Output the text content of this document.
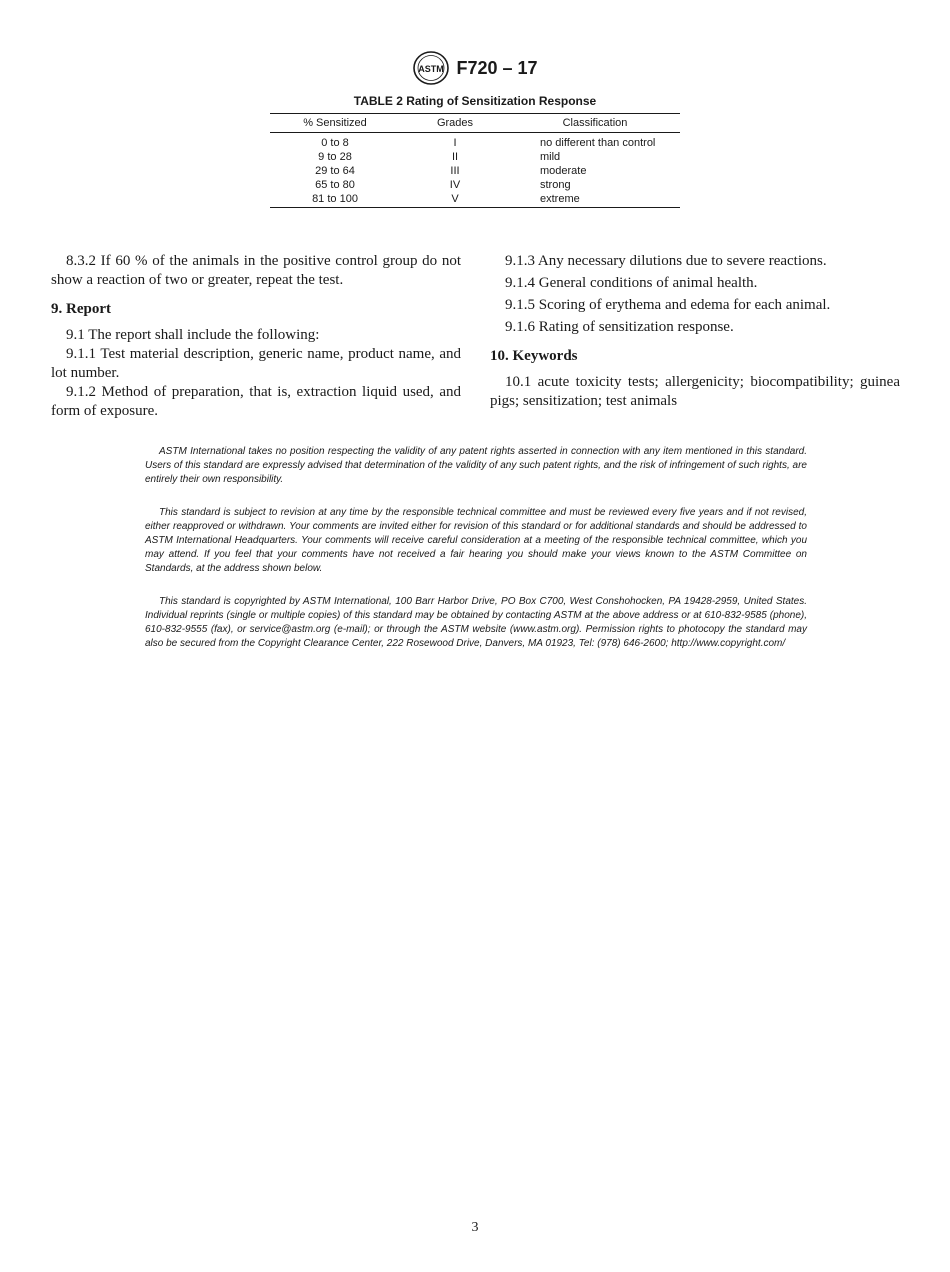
ASTM F720 – 17
TABLE 2 Rating of Sensitization Response
% Sensitized	Grades	Classification
0 to 8	I	no different than control
9 to 28	II	mild
29 to 64	III	moderate
65 to 80	IV	strong
81 to 100	V	extreme

8.3.2 If 60 % of the animals in the positive control group do not show a reaction of two or greater, repeat the test.

9. Report

9.1 The report shall include the following:

9.1.1 Test material description, generic name, product name, and lot number.

9.1.2 Method of preparation, that is, extraction liquid used, and form of exposure.

9.1.3 Any necessary dilutions due to severe reactions.

9.1.4 General conditions of animal health.

9.1.5 Scoring of erythema and edema for each animal.

9.1.6 Rating of sensitization response.

10. Keywords

10.1 acute toxicity tests; allergenicity; biocompatibility; guinea pigs; sensitization; test animals

ASTM International takes no position respecting the validity of any patent rights asserted in connection with any item mentioned in this standard. Users of this standard are expressly advised that determination of the validity of any such patent rights, and the risk of infringement of such rights, are entirely their own responsibility.

This standard is subject to revision at any time by the responsible technical committee and must be reviewed every five years and if not revised, either reapproved or withdrawn. Your comments are invited either for revision of this standard or for additional standards and should be addressed to ASTM International Headquarters. Your comments will receive careful consideration at a meeting of the responsible technical committee, which you may attend. If you feel that your comments have not received a fair hearing you should make your views known to the ASTM Committee on Standards, at the address shown below.

This standard is copyrighted by ASTM International, 100 Barr Harbor Drive, PO Box C700, West Conshohocken, PA 19428-2959, United States. Individual reprints (single or multiple copies) of this standard may be obtained by contacting ASTM at the above address or at 610-832-9585 (phone), 610-832-9555 (fax), or service@astm.org (e-mail); or through the ASTM website (www.astm.org). Permission rights to photocopy the standard may also be secured from the Copyright Clearance Center, 222 Rosewood Drive, Danvers, MA 01923, Tel: (978) 646-2600; http://www.copyright.com/

3
